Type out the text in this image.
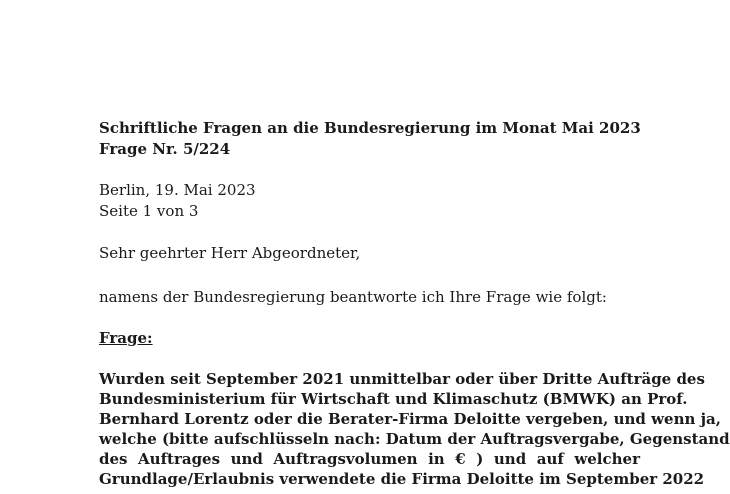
Schriftliche Fragen an die Bundesregierung im Monat Mai 2023

Frage Nr. 5/224

Berlin, 19. Mai 2023

Seite 1 von 3

Sehr geehrter Herr Abgeordneter,

namens der Bundesregierung beantworte ich Ihre Frage wie folgt:

Frage:

Wurden seit September 2021 unmittelbar oder über Dritte Aufträge des
Bundesministerium für Wirtschaft und Klimaschutz (BMWK) an Prof.
Bernhard Lorentz oder die Berater-Firma Deloitte vergeben, und wenn ja,
welche (bitte aufschlüsseln nach: Datum der Auftragsvergabe, Gegenstand
des Auftrages und Auftragsvolumen in € ) und auf welcher
Grundlage/Erlaubnis verwendete die Firma Deloitte im September 2022
